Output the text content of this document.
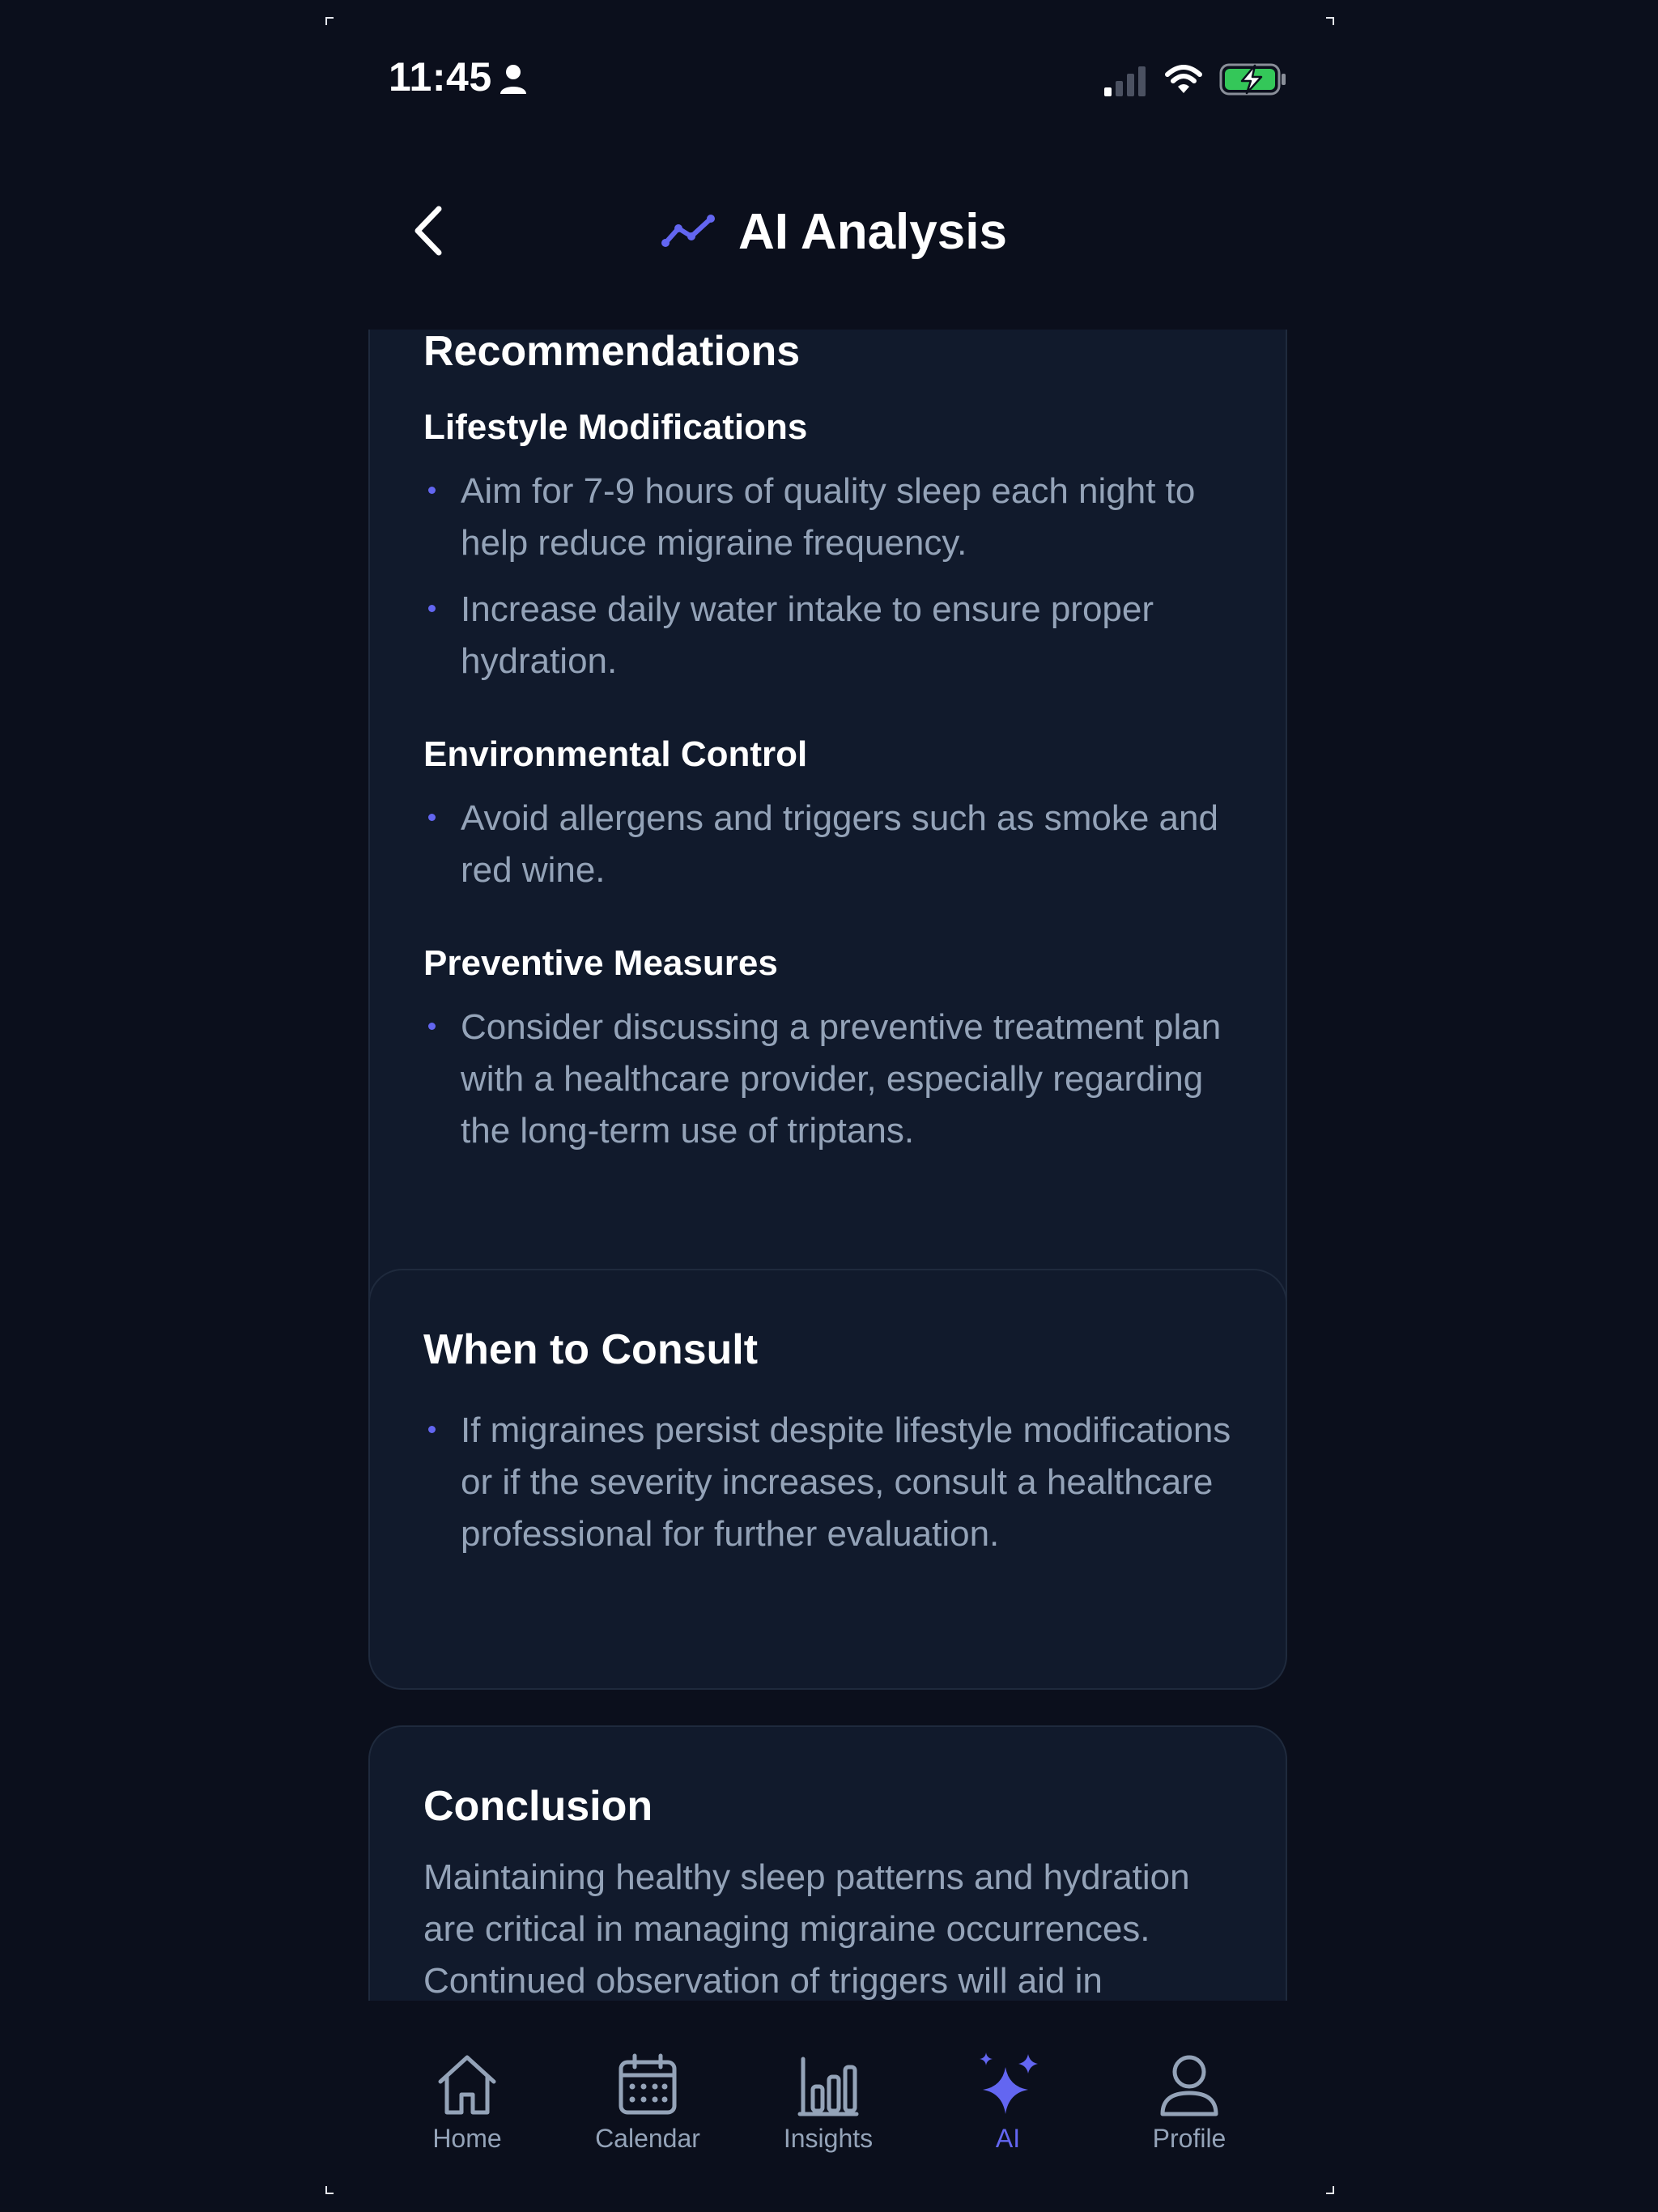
11:45
AI Analysis
Recommendations
Lifestyle Modifications
Aim for 7-9 hours of quality sleep each night to help reduce migraine frequency.
Increase daily water intake to ensure proper hydration.
Environmental Control
Avoid allergens and triggers such as smoke and red wine.
Preventive Measures
Consider discussing a preventive treatment plan with a healthcare provider, especially regarding the long-term use of triptans.
When to Consult
If migraines persist despite lifestyle modifications or if the severity increases, consult a healthcare professional for further evaluation.
Conclusion
Maintaining healthy sleep patterns and hydration are critical in managing migraine occurrences. Continued observation of triggers will aid in
Home	Calendar	Insights	AI	Profile
